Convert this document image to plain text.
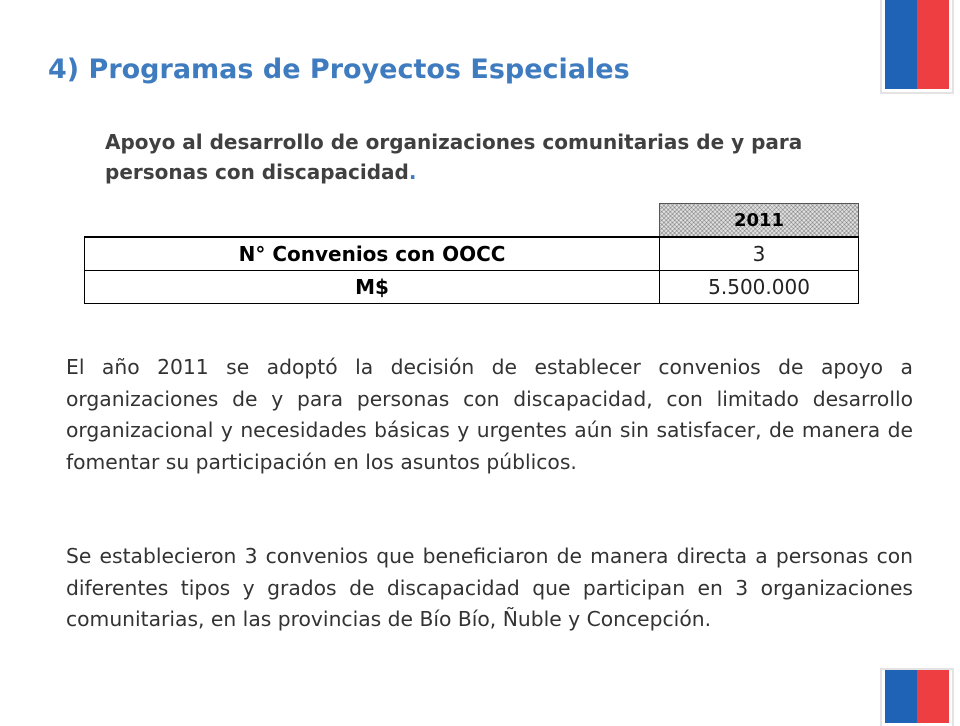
4) Programas de Proyectos Especiales
Apoyo al desarrollo de organizaciones comunitarias de y para personas con discapacidad.
	2011
N° Convenios con OOCC	3
M$	5.500.000
El año 2011 se adoptó la decisión de establecer convenios de apoyo a organizaciones de y para personas con discapacidad, con limitado desarrollo organizacional y necesidades básicas y urgentes aún sin satisfacer, de manera de fomentar su participación en los asuntos públicos.
Se establecieron 3 convenios que beneficiaron de manera directa a personas con diferentes tipos y grados de discapacidad que participan en 3 organizaciones comunitarias, en las provincias de Bío Bío, Ñuble y Concepción.
